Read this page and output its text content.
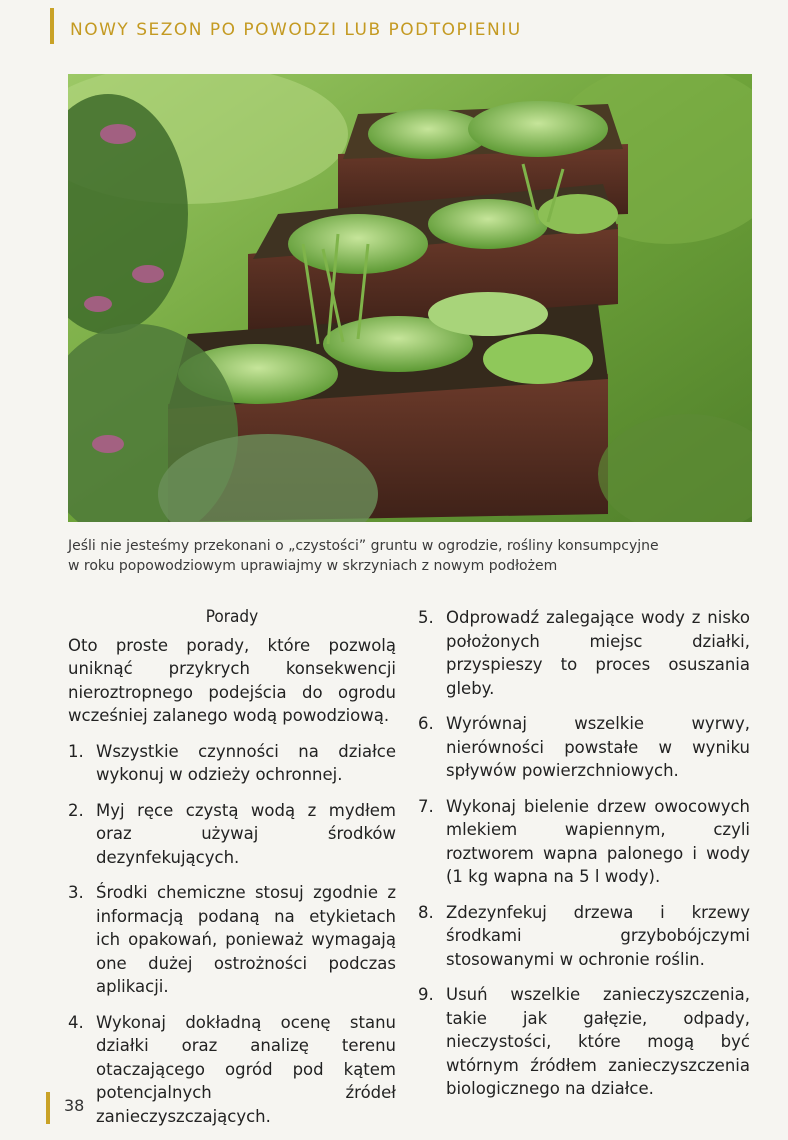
NOWY SEZON PO POWODZI LUB PODTOPIENIU
Jeśli nie jesteśmy przekonani o „czystości” gruntu w ogrodzie, rośliny konsumpcyjne
w roku popowodziowym uprawiajmy w skrzyniach z nowym podłożem
Porady
Oto proste porady, które pozwolą uniknąć przykrych konsekwencji nieroztropnego podejścia do ogrodu wcześniej zalanego wodą powodziową.
1. Wszystkie czynności na działce wykonuj w odzieży ochronnej.
2. Myj ręce czystą wodą z mydłem oraz używaj środków dezynfekujących.
3. Środki chemiczne stosuj zgodnie z informacją podaną na etykietach ich opakowań, ponieważ wymagają one dużej ostrożności podczas aplikacji.
4. Wykonaj dokładną ocenę stanu działki oraz analizę terenu otaczającego ogród pod kątem potencjalnych źródeł zanieczyszczających.
5. Odprowadź zalegające wody z nisko położonych miejsc działki, przyspieszy to proces osuszania gleby.
6. Wyrównaj wszelkie wyrwy, nierówności powstałe w wyniku spływów powierzchniowych.
7. Wykonaj bielenie drzew owocowych mlekiem wapiennym, czyli roztworem wapna palonego i wody (1 kg wapna na 5 l wody).
8. Zdezynfekuj drzewa i krzewy środkami grzybobójczymi stosowanymi w ochronie roślin.
9. Usuń wszelkie zanieczyszczenia, takie jak gałęzie, odpady, nieczystości, które mogą być wtórnym źródłem zanieczyszczenia biologicznego na działce.
38
